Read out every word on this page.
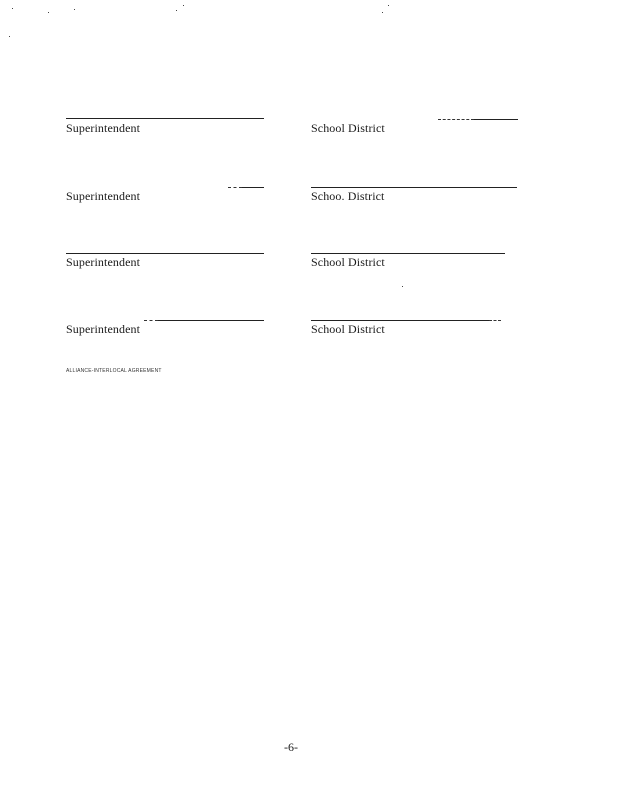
Superintendent	School District
Superintendent	Schoo. District
Superintendent	School District
Superintendent	School District
ALLIANCE-INTERLOCAL AGREEMENT
-6-
